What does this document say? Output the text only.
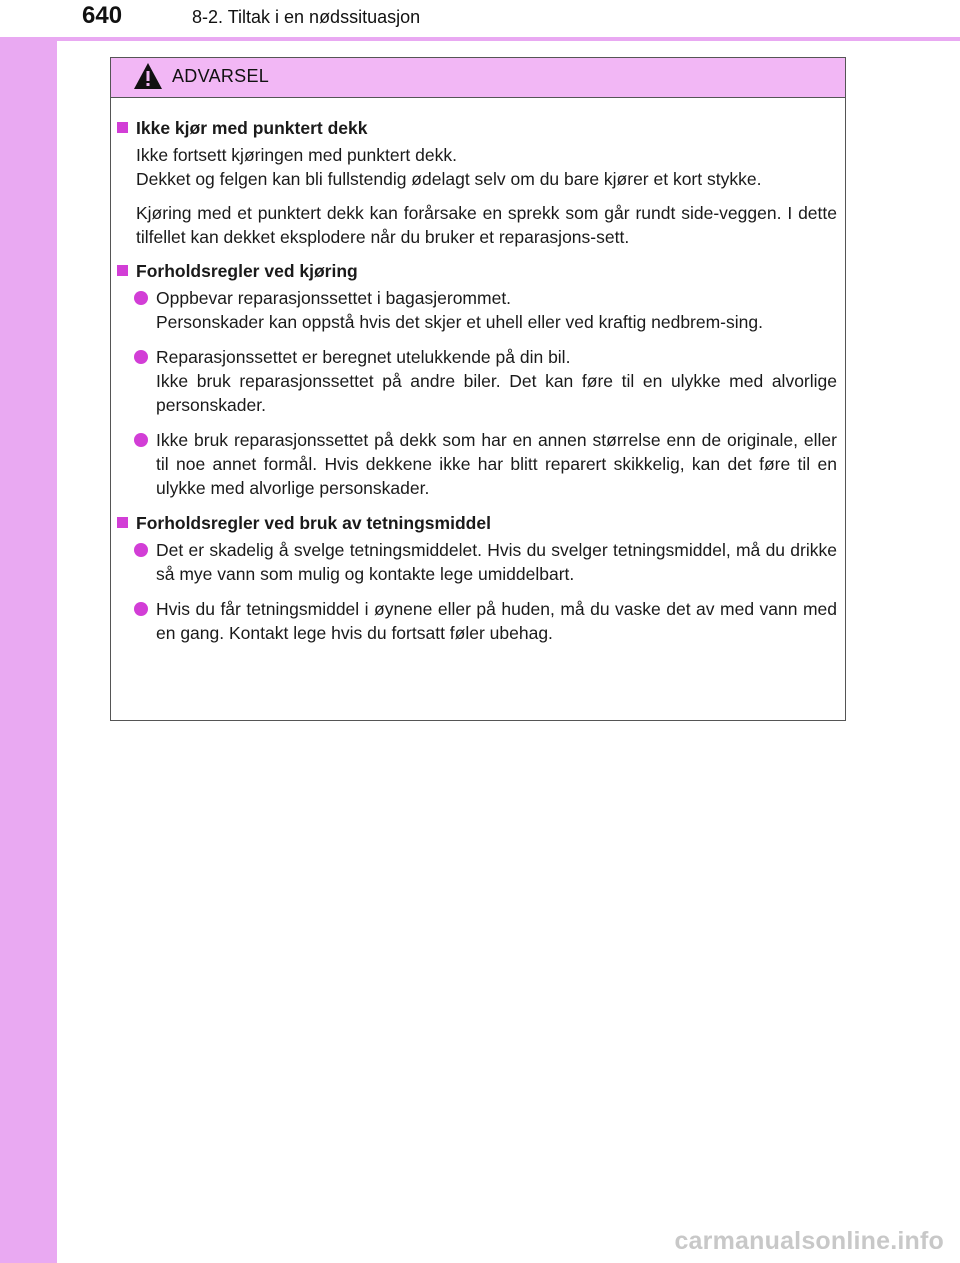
640	8-2. Tiltak i en nødssituasjon
ADVARSEL
Ikke kjør med punktert dekk
Ikke fortsett kjøringen med punktert dekk.
Dekket og felgen kan bli fullstendig ødelagt selv om du bare kjører et kort stykke.
Kjøring med et punktert dekk kan forårsake en sprekk som går rundt side-veggen. I dette tilfellet kan dekket eksplodere når du bruker et reparasjons-sett.
Forholdsregler ved kjøring
Oppbevar reparasjonssettet i bagasjerommet.
Personskader kan oppstå hvis det skjer et uhell eller ved kraftig nedbrem-sing.
Reparasjonssettet er beregnet utelukkende på din bil.
Ikke bruk reparasjonssettet på andre biler. Det kan føre til en ulykke med alvorlige personskader.
Ikke bruk reparasjonssettet på dekk som har en annen størrelse enn de originale, eller til noe annet formål. Hvis dekkene ikke har blitt reparert skikkelig, kan det føre til en ulykke med alvorlige personskader.
Forholdsregler ved bruk av tetningsmiddel
Det er skadelig å svelge tetningsmiddelet. Hvis du svelger tetningsmiddel, må du drikke så mye vann som mulig og kontakte lege umiddelbart.
Hvis du får tetningsmiddel i øynene eller på huden, må du vaske det av med vann med en gang. Kontakt lege hvis du fortsatt føler ubehag.
carmanualsonline.info
